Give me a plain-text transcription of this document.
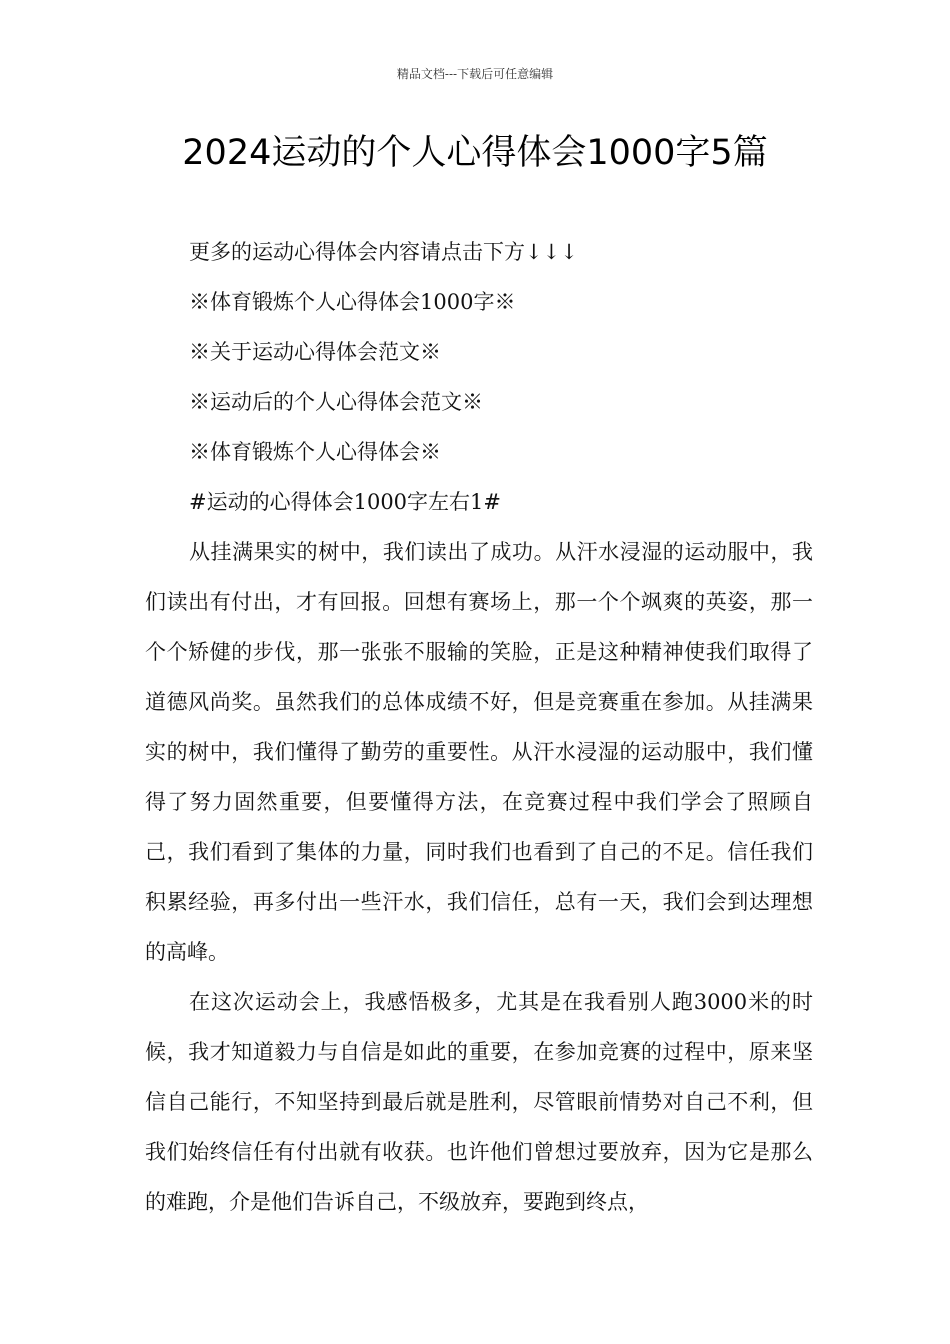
精品文档---下载后可任意编辑
2024运动的个人心得体会1000字5篇

更多的运动心得体会内容请点击下方↓↓↓

※体育锻炼个人心得体会1000字※

※关于运动心得体会范文※

※运动后的个人心得体会范文※

※体育锻炼个人心得体会※

#运动的心得体会1000字左右1#

从挂满果实的树中，我们读出了成功。从汗水浸湿的运动服中，我们读出有付出，才有回报。回想有赛场上，那一个个飒爽的英姿，那一个个矫健的步伐，那一张张不服输的笑脸，正是这种精神使我们取得了道德风尚奖。虽然我们的总体成绩不好，但是竞赛重在参加。从挂满果实的树中，我们懂得了勤劳的重要性。从汗水浸湿的运动服中，我们懂得了努力固然重要，但要懂得方法，在竞赛过程中我们学会了照顾自己，我们看到了集体的力量，同时我们也看到了自己的不足。信任我们积累经验，再多付出一些汗水，我们信任，总有一天，我们会到达理想的高峰。

在这次运动会上，我感悟极多，尤其是在我看别人跑3000米的时候，我才知道毅力与自信是如此的重要，在参加竞赛的过程中，原来坚信自己能行，不知坚持到最后就是胜利，尽管眼前情势对自己不利，但我们始终信任有付出就有收获。也许他们曾想过要放弃，因为它是那么的难跑，介是他们告诉自己，不级放弃，要跑到终点，
